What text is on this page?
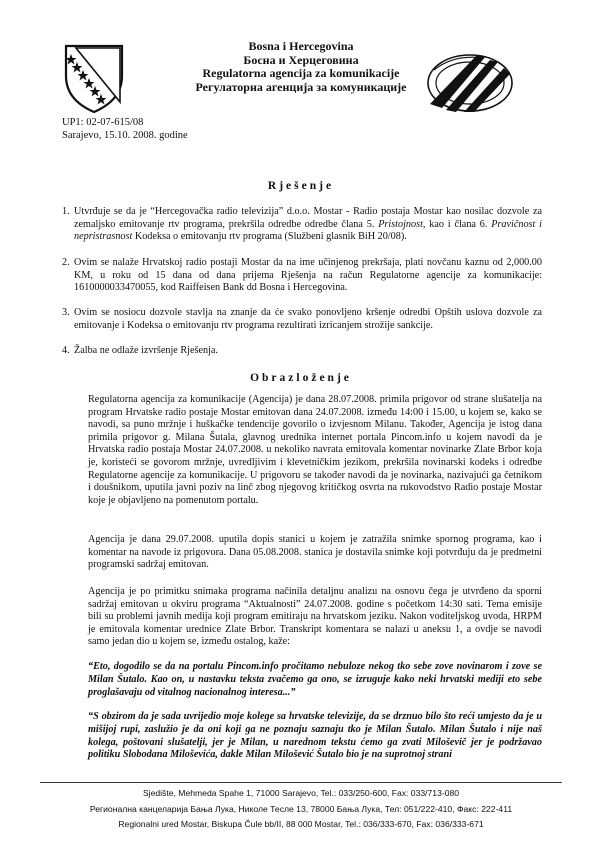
Bosna i Hercegovina
Босна и Херцеговина
Regulatorna agencija za komunikacije
Регулаторна агенција за комуникације
UP1: 02-07-615/08
Sarajevo, 15.10. 2008. godine
Rješenje
1. Utvrđuje se da je “Hercegovačka radio televizija” d.o.o. Mostar - Radio postaja Mostar kao nosilac dozvole za zemaljsko emitovanje rtv programa, prekršila odredbe odredbe člana 5. Pristojnost, kao i člana 6. Pravičnost i nepristrasnost Kodeksa o emitovanju rtv programa (Službeni glasnik BiH 20/08).
2. Ovim se nalaže Hrvatskoj radio postaji Mostar da na ime učinjenog prekršaja, plati novčanu kaznu od 2,000.00 KM, u roku od 15 dana od dana prijema Rješenja na račun Regulatorne agencije za komunikacije: 1610000033470055, kod Raiffeisen Bank dd Bosna i Hercegovina.
3. Ovim se nosiocu dozvole stavlja na znanje da će svako ponovljeno kršenje odredbi Opštih uslova dozvole za emitovanje i Kodeksa o emitovanju rtv programa rezultirati izricanjem strožije sankcije.
4. Žalba ne odlaže izvršenje Rješenja.
Obrazloženje
Regulatorna agencija za komunikacije (Agencija) je dana 28.07.2008. primila prigovor od strane slušatelja na program Hrvatske radio postaje Mostar emitovan dana 24.07.2008. između 14:00 i 15.00, u kojem se, kako se navodi, sa puno mržnje i huškačke tendencije govorilo o izvjesnom Milanu. Također, Agencija je istog dana primila prigovor g. Milana Šutala, glavnog urednika internet portala Pincom.info u kojem navodi da je Hrvatska radio postaja Mostar 24.07.2008. u nekoliko navrata emitovala komentar novinarke Zlate Brbor koja je, koristeći se govorom mržnje, uvredljivim i klevetničkim jezikom, prekršila novinarski kodeks i odredbe Regulatorne agencije za komunikacije. U prigovoru se također navodi da je novinarka, nazivajući ga četnikom i doušnikom, uputila javni poziv na linč zbog njegovog kritičkog osvrta na rukovodstvo Radio postaje Mostar koje je objavljeno na pomenutom portalu.
Agencija je dana 29.07.2008. uputila dopis stanici u kojem je zatražila snimke spornog programa, kao i komentar na navode iz prigovora. Dana 05.08.2008. stanica je dostavila snimke koji potvrđuju da je predmetni programski sadržaj emitovan.
Agencija je po primitku snimaka programa načinila detaljnu analizu na osnovu čega je utvrđeno da sporni sadržaj emitovan u okviru programa “Aktualnosti” 24.07.2008. godine s početkom 14:30 sati. Tema emisije bili su problemi javnih medija koji program emitiraju na hrvatskom jeziku. Nakon voditeljskog uvoda, HRPM je emitovala komentar urednice Zlate Brbor. Transkript komentara se nalazi u aneksu 1, a ovdje se navodi samo jedan dio u kojem se, između ostalog, kaže:
“Eto, dogodilo se da na portalu Pincom.info pročitamo nebuloze nekog tko sebe zove novinarom i zove se Milan Šutalo. Kao on, u nastavku teksta zvačemo ga ono, se izruguje kako neki hrvatski mediji eto sebe proglašavaju od vitalnog nacionalnog interesa...”
“S obzirom da je sada uvrijedio moje kolege sa hrvatske televizije, da se drznuo bilo što reći umjesto da je u mišijoj rupi, zaslužio je da oni koji ga ne poznaju saznaju tko je Milan Šutalo. Milan Šutalo i nije naš kolega, poštovani slušatelji, jer je Milan, u narednom tekstu ćemo ga zvati Miloševič jer je podržavao politiku Slobodana Miloševića, dakle Milan Milošević Šutalo bio je na suprotnoj strani
Sjedište, Mehmeda Spahe 1, 71000 Sarajevo, Tel.: 033/250-600, Fax: 033/713-080
Регионална канцеларија Бања Лука, Николе Тесле 13, 78000 Бања Лука, Тел: 051/222-410, Факс: 222-411
Regionalni ured Mostar, Biskupa Čule bb/II, 88 000 Mostar, Tel.: 036/333-670, Fax: 036/333-671
